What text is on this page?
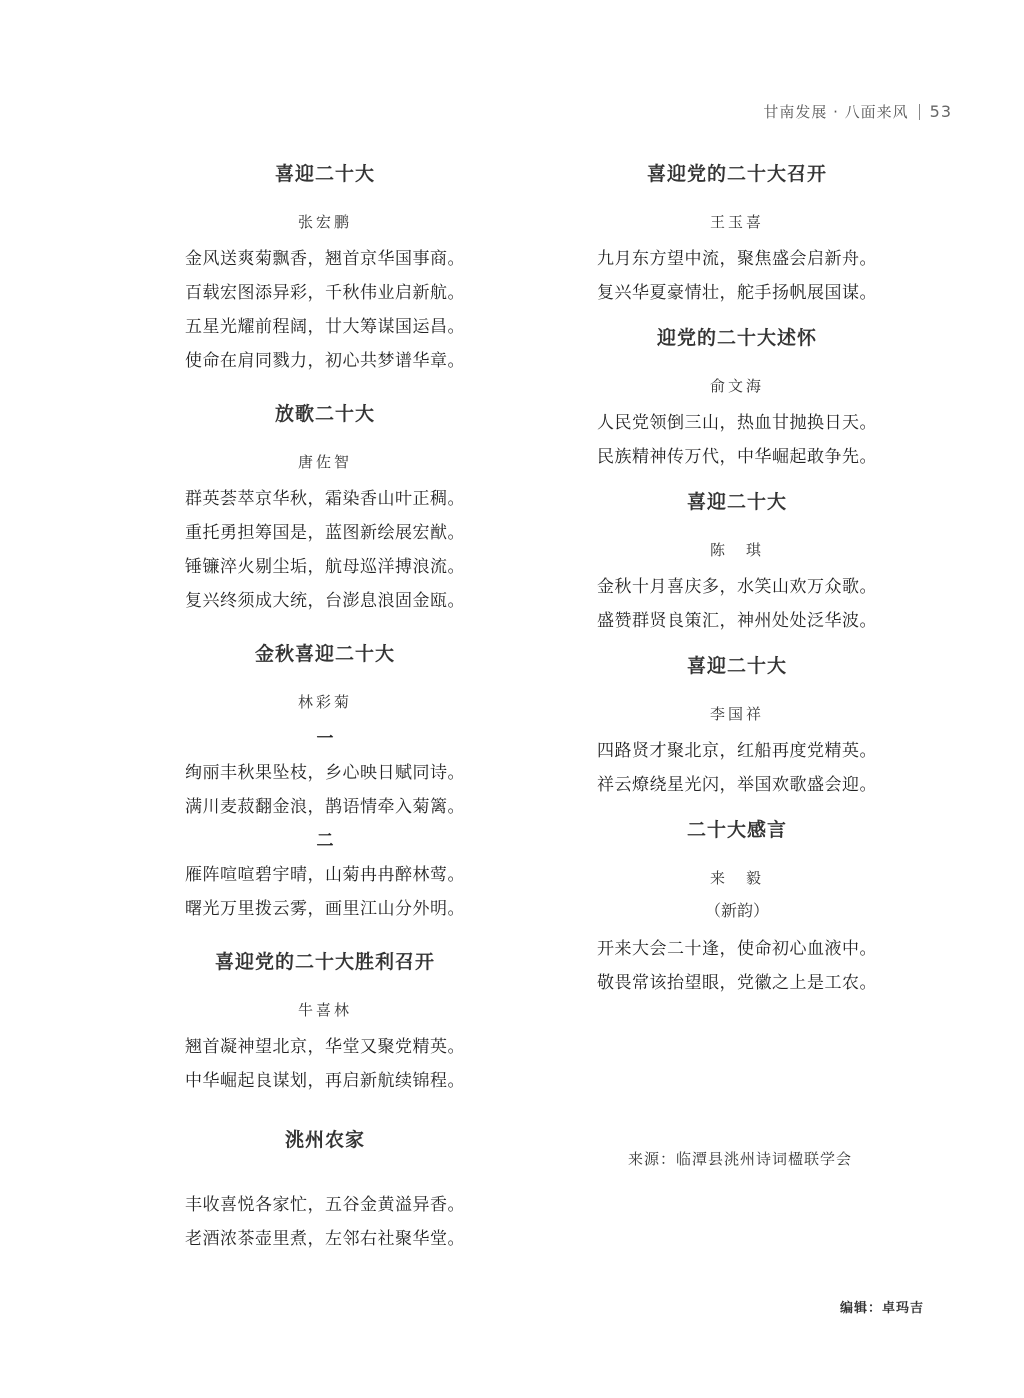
甘南发展 · 八面来风 53
喜迎二十大
张宏鹏
金风送爽菊飘香，翘首京华国事商。
百载宏图添异彩，千秋伟业启新航。
五星光耀前程阔，廿大筹谋国运昌。
使命在肩同戮力，初心共梦谱华章。
放歌二十大
唐佐智
群英荟萃京华秋，霜染香山叶正稠。
重托勇担筹国是，蓝图新绘展宏猷。
锤镰淬火剔尘垢，航母巡洋搏浪流。
复兴终须成大统，台澎息浪固金瓯。
金秋喜迎二十大
林彩菊
一
绚丽丰秋果坠枝，乡心映日赋同诗。
满川麦菽翻金浪，鹊语情牵入菊篱。
二
雁阵喧喧碧宇晴，山菊冉冉醉林莺。
曙光万里拨云雾，画里江山分外明。
喜迎党的二十大胜利召开
牛喜林
翘首凝神望北京，华堂又聚党精英。
中华崛起良谋划，再启新航续锦程。
洮州农家
丰收喜悦各家忙，五谷金黄溢异香。
老酒浓茶壶里煮，左邻右社聚华堂。
喜迎党的二十大召开
王玉喜
九月东方望中流，聚焦盛会启新舟。
复兴华夏豪情壮，舵手扬帆展国谋。
迎党的二十大述怀
俞文海
人民党领倒三山，热血甘抛换日天。
民族精神传万代，中华崛起敢争先。
喜迎二十大
陈　琪
金秋十月喜庆多，水笑山欢万众歌。
盛赞群贤良策汇，神州处处泛华波。
喜迎二十大
李国祥
四路贤才聚北京，红船再度党精英。
祥云燎绕星光闪，举国欢歌盛会迎。
二十大感言
来　毅
（新韵）
开来大会二十逢，使命初心血液中。
敬畏常该抬望眼，党徽之上是工农。
来源：临潭县洮州诗词楹联学会
编辑：卓玛吉
